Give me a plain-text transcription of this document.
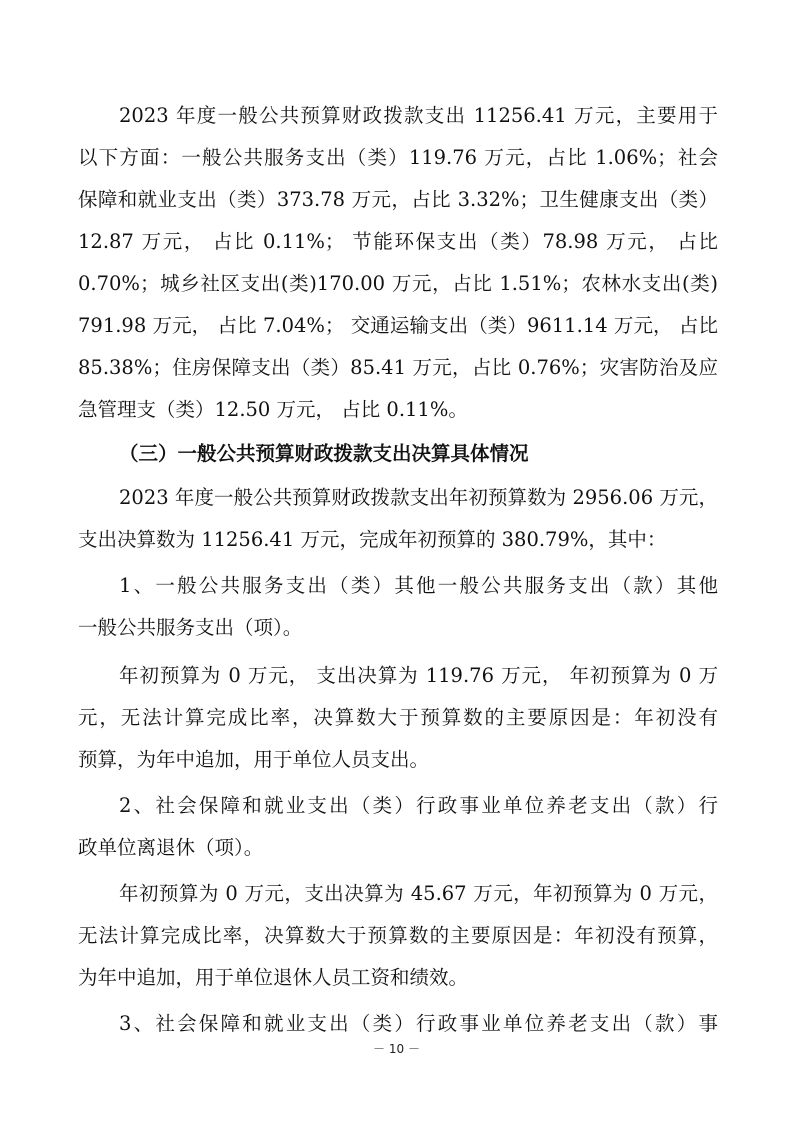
2023 年度一般公共预算财政拨款支出 11256.41 万元，主要用于
以下方面：一般公共服务支出（类）119.76 万元，占比 1.06%；社会
保障和就业支出（类）373.78 万元，占比 3.32%；卫生健康支出（类）
12.87 万元， 占比 0.11%； 节能环保支出（类）78.98 万元， 占比
0.70%；城乡社区支出(类)170.00 万元，占比 1.51%；农林水支出(类)
791.98 万元， 占比 7.04%； 交通运输支出（类）9611.14 万元， 占比
85.38%；住房保障支出（类）85.41 万元，占比 0.76%；灾害防治及应
急管理支（类）12.50 万元， 占比 0.11%。
（三）一般公共预算财政拨款支出决算具体情况
2023 年度一般公共预算财政拨款支出年初预算数为 2956.06 万元，
支出决算数为 11256.41 万元，完成年初预算的 380.79%，其中：
1、一般公共服务支出（类）其他一般公共服务支出（款）其他
一般公共服务支出（项）。
年初预算为 0 万元， 支出决算为 119.76 万元， 年初预算为 0 万
元，无法计算完成比率，决算数大于预算数的主要原因是：年初没有
预算，为年中追加，用于单位人员支出。
2、社会保障和就业支出（类）行政事业单位养老支出（款）行
政单位离退休（项）。
年初预算为 0 万元，支出决算为 45.67 万元，年初预算为 0 万元，
无法计算完成比率，决算数大于预算数的主要原因是：年初没有预算，
为年中追加，用于单位退休人员工资和绩效。
3、社会保障和就业支出（类）行政事业单位养老支出（款）事
－ 10 －
